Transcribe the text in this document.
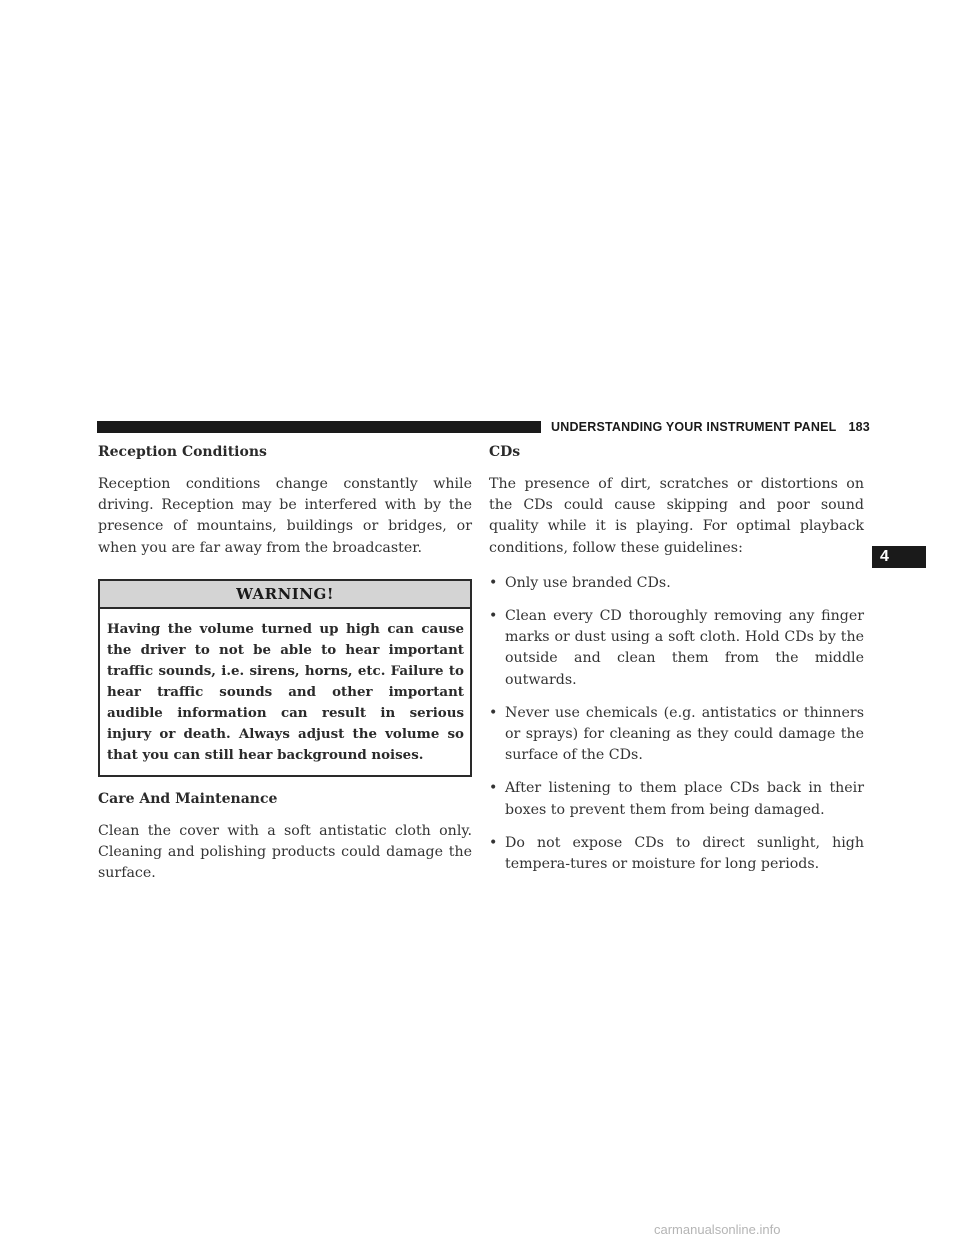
UNDERSTANDING YOUR INSTRUMENT PANEL 183
4
Reception Conditions

Reception conditions change constantly while driving. Reception may be interfered with by the presence of mountains, buildings or bridges, or when you are far away from the broadcaster.

WARNING!
Having the volume turned up high can cause the driver to not be able to hear important traffic sounds, i.e. sirens, horns, etc. Failure to hear traffic sounds and other important audible information can result in serious injury or death. Always adjust the volume so that you can still hear background noises.
Care And Maintenance

Clean the cover with a soft antistatic cloth only. Cleaning and polishing products could damage the surface.

CDs

The presence of dirt, scratches or distortions on the CDs could cause skipping and poor sound quality while it is playing. For optimal playback conditions, follow these guidelines:

• Only use branded CDs.
• Clean every CD thoroughly removing any finger marks or dust using a soft cloth. Hold CDs by the outside and clean them from the middle outwards.
• Never use chemicals (e.g. antistatics or thinners or sprays) for cleaning as they could damage the surface of the CDs.
• After listening to them place CDs back in their boxes to prevent them from being damaged.
• Do not expose CDs to direct sunlight, high tempera-tures or moisture for long periods.
carmanualsonline.info
